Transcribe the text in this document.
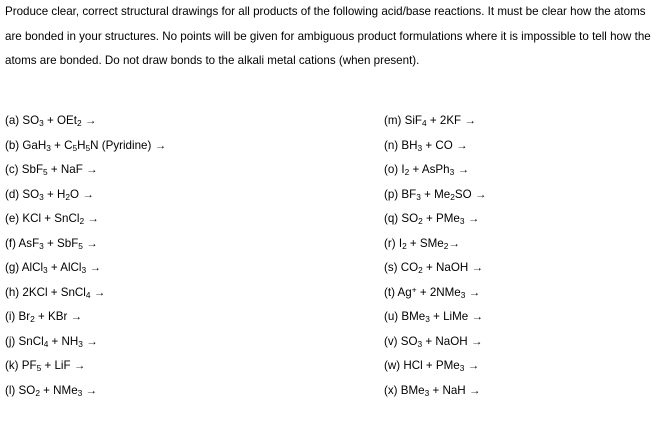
Produce clear, correct structural drawings for all products of the following acid/base reactions. It must be clear how the atoms are bonded in your structures. No points will be given for ambiguous product formulations where it is impossible to tell how the atoms are bonded. Do not draw bonds to the alkali metal cations (when present).

(a) $SO_3 + OEt_2$ →
(b) $GaH_3 + C_5H_5N$ (Pyridine) →
(c) SbF$_5$ + NaF →
(d) $SO_3 + H_2O$ →
(e) KCl + SnCl$_2$ →
(f) AsF$_3$ + SbF$_5$ →
(g) AlCl$_3$ + AlCl$_3$ →
(h) 2KCl + SnCl$_4$ →
(i) $Br_2$ + KBr →
(j) SnCl$_4$ + $NH_3$ →
(k) $PF_5$ + LiF →
(l) $SO_2 + NMe_3$ →
(m) SiF$_4$ + 2KF →
(n) $BH_3$ + CO →
(o) $I_2$ + AsPh$_3$ →
(p) $BF_3 + Me_2SO$ →
(q) $SO_2 + PMe_3$ →
(r) $I_2 + SMe_2\to$
(s) $CO_2$ + NaOH →
(t) Ag+ + 2NMe$_3$ →
(u) BMe$_3$ + LiMe →
(v) $SO_3$ + NaOH →
(w) HCl + PMe$_3$ →
(x) BMe$_3$ + NaH →
